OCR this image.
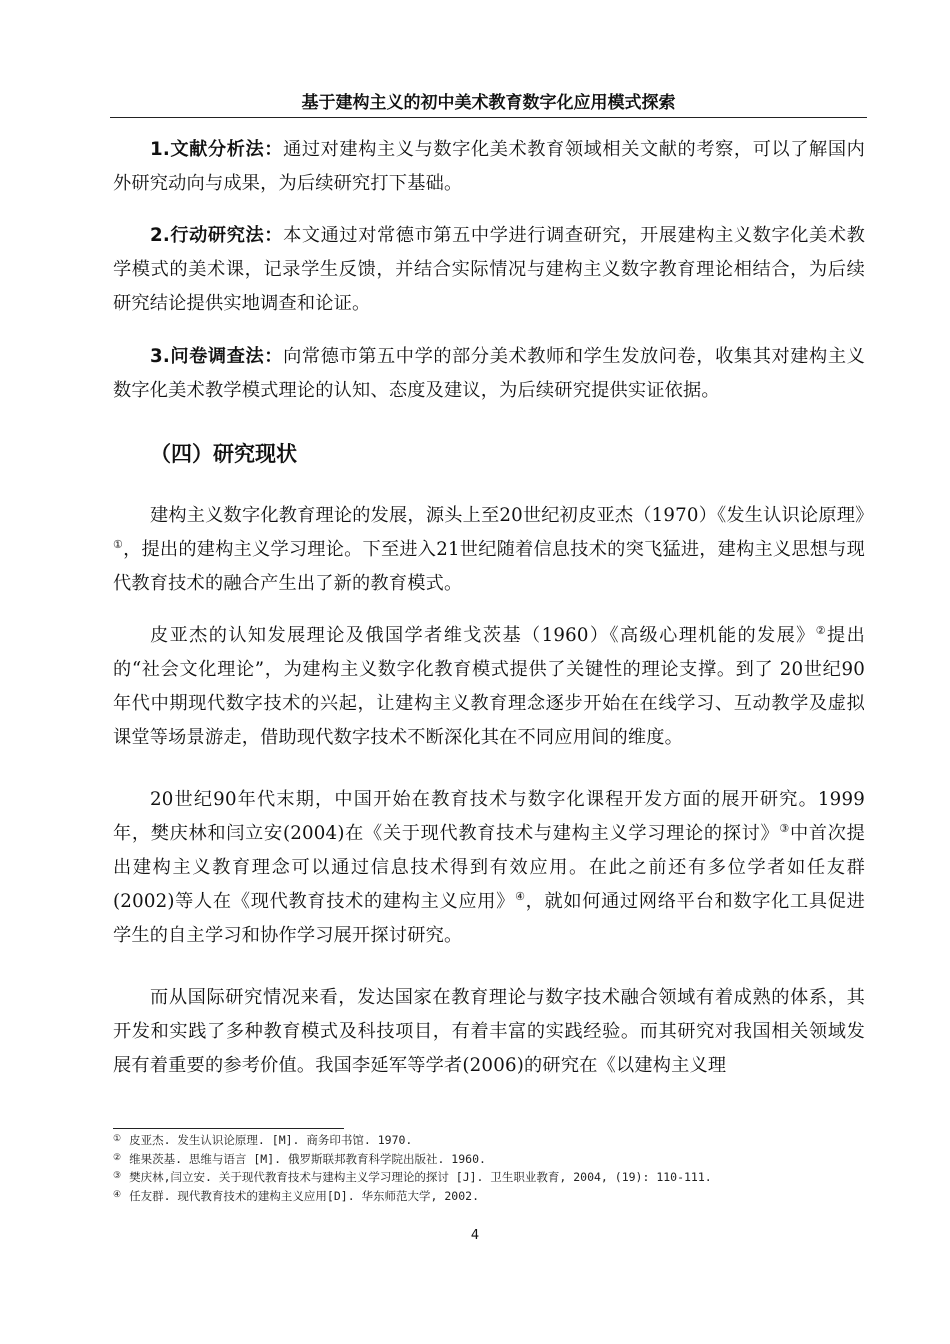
基于建构主义的初中美术教育数字化应用模式探索

1.文献分析法：通过对建构主义与数字化美术教育领域相关文献的考察，可以了解国内外研究动向与成果，为后续研究打下基础。

2.行动研究法：本文通过对常德市第五中学进行调查研究，开展建构主义数字化美术教学模式的美术课，记录学生反馈，并结合实际情况与建构主义数字教育理论相结合，为后续研究结论提供实地调查和论证。

3.问卷调查法：向常德市第五中学的部分美术教师和学生发放问卷，收集其对建构主义数字化美术教学模式理论的认知、态度及建议，为后续研究提供实证依据。

（四）研究现状

建构主义数字化教育理论的发展，源头上至20世纪初皮亚杰（1970）《发生认识论原理》①，提出的建构主义学习理论。下至进入21世纪随着信息技术的突飞猛进，建构主义思想与现代教育技术的融合产生出了新的教育模式。

皮亚杰的认知发展理论及俄国学者维戈茨基（1960）《高级心理机能的发展》②提出的“社会文化理论”，为建构主义数字化教育模式提供了关键性的理论支撑。到了 20世纪90年代中期现代数字技术的兴起，让建构主义教育理念逐步开始在在线学习、互动教学及虚拟课堂等场景游走，借助现代数字技术不断深化其在不同应用间的维度。

20世纪90年代末期，中国开始在教育技术与数字化课程开发方面的展开研究。1999年，樊庆林和闫立安(2004)在《关于现代教育技术与建构主义学习理论的探讨》③中首次提出建构主义教育理念可以通过信息技术得到有效应用。在此之前还有多位学者如任友群(2002)等人在《现代教育技术的建构主义应用》④，就如何通过网络平台和数字化工具促进学生的自主学习和协作学习展开探讨研究。

而从国际研究情况来看，发达国家在教育理论与数字技术融合领域有着成熟的体系，其开发和实践了多种教育模式及科技项目，有着丰富的实践经验。而其研究对我国相关领域发展有着重要的参考价值。我国李延军等学者(2006)的研究在《以建构主义理

① 皮亚杰. 发生认识论原理. [M]. 商务印书馆. 1970.
② 维果茨基. 思维与语言 [M]. 俄罗斯联邦教育科学院出版社. 1960.
③ 樊庆林,闫立安. 关于现代教育技术与建构主义学习理论的探讨 [J]. 卫生职业教育, 2004, (19): 110-111.
④ 任友群. 现代教育技术的建构主义应用[D]. 华东师范大学, 2002.
4
